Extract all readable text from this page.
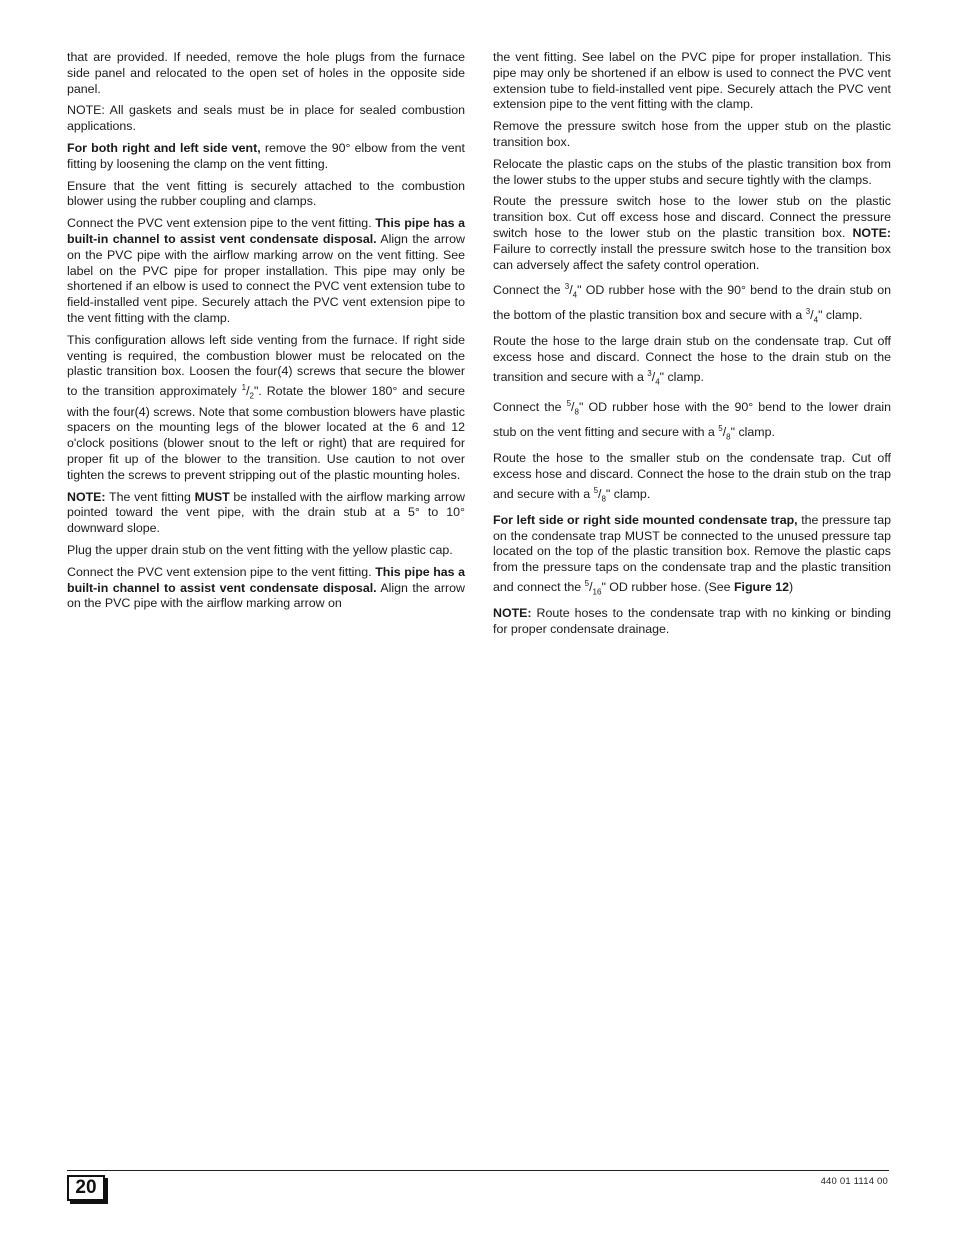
that are provided. If needed, remove the hole plugs from the furnace side panel and relocated to the open set of holes in the opposite side panel.

NOTE: All gaskets and seals must be in place for sealed combustion applications.

For both right and left side vent, remove the 90° elbow from the vent fitting by loosening the clamp on the vent fitting.

Ensure that the vent fitting is securely attached to the combustion blower using the rubber coupling and clamps.

Connect the PVC vent extension pipe to the vent fitting. This pipe has a built-in channel to assist vent condensate disposal. Align the arrow on the PVC pipe with the airflow marking arrow on the vent fitting. See label on the PVC pipe for proper installation. This pipe may only be shortened if an elbow is used to connect the PVC vent extension tube to field-installed vent pipe. Securely attach the PVC vent extension pipe to the vent fitting with the clamp.

This configuration allows left side venting from the furnace. If right side venting is required, the combustion blower must be relocated on the plastic transition box. Loosen the four(4) screws that secure the blower to the transition approximately $^1/_2$". Rotate the blower 180° and secure with the four(4) screws. Note that some combustion blowers have plastic spacers on the mounting legs of the blower located at the 6 and 12 o'clock positions (blower snout to the left or right) that are required for proper fit up of the blower to the transition. Use caution to not over tighten the screws to prevent stripping out of the plastic mounting holes.

NOTE: The vent fitting MUST be installed with the airflow marking arrow pointed toward the vent pipe, with the drain stub at a 5° to 10° downward slope.

Plug the upper drain stub on the vent fitting with the yellow plastic cap.

Connect the PVC vent extension pipe to the vent fitting. This pipe has a built-in channel to assist vent condensate disposal. Align the arrow on the PVC pipe with the airflow marking arrow on

the vent fitting. See label on the PVC pipe for proper installation. This pipe may only be shortened if an elbow is used to connect the PVC vent extension tube to field-installed vent pipe. Securely attach the PVC vent extension pipe to the vent fitting with the clamp.

Remove the pressure switch hose from the upper stub on the plastic transition box.

Relocate the plastic caps on the stubs of the plastic transition box from the lower stubs to the upper stubs and secure tightly with the clamps.

Route the pressure switch hose to the lower stub on the plastic transition box. Cut off excess hose and discard. Connect the pressure switch hose to the lower stub on the plastic transition box. NOTE: Failure to correctly install the pressure switch hose to the transition box can adversely affect the safety control operation.

Connect the $^3/_4$" OD rubber hose with the 90° bend to the drain stub on the bottom of the plastic transition box and secure with a $^3/_4$" clamp.

Route the hose to the large drain stub on the condensate trap. Cut off excess hose and discard. Connect the hose to the drain stub on the transition and secure with a $^3/_4$" clamp.

Connect the $^5/_8$" OD rubber hose with the 90° bend to the lower drain stub on the vent fitting and secure with a $^5/_8$" clamp.

Route the hose to the smaller stub on the condensate trap. Cut off excess hose and discard. Connect the hose to the drain stub on the trap and secure with a $^5/_8$" clamp.

For left side or right side mounted condensate trap, the pressure tap on the condensate trap MUST be connected to the unused pressure tap located on the top of the plastic transition box. Remove the plastic caps from the pressure taps on the condensate trap and the plastic transition and connect the $^5/_{16}$" OD rubber hose. (See Figure 12)

NOTE: Route hoses to the condensate trap with no kinking or binding for proper condensate drainage.

20	440 01 1114 00
